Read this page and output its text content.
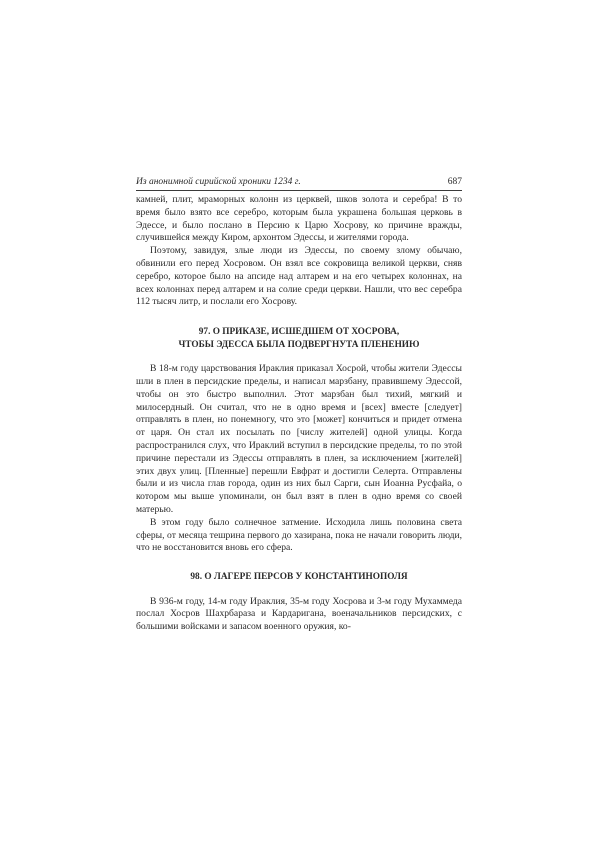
Из анонимной сирийской хроники 1234 г.	687

камней, плит, мраморных колонн из церквей, шков золота и серебра! В то время было взято все серебро, которым была украшена большая церковь в Эдессе, и было послано в Персию к Царю Хосрову, ко причине вражды, случившейся между Киром, архонтом Эдессы, и жителями города.

Поэтому, завидуя, злые люди из Эдессы, по своему злому обычаю, обвинили его перед Хосровом. Он взял все сокровища великой церкви, сняв серебро, которое было на апсиде над алтарем и на его четырех колоннах, на всех колоннах перед алтарем и на солие среди церкви. Нашли, что вес серебра 112 тысяч литр, и послали его Хосрову.

97. О ПРИКАЗЕ, ИСШЕДШЕМ ОТ ХОСРОВА,
ЧТОБЫ ЭДЕССА БЫЛА ПОДВЕРГНУТА ПЛЕНЕНИЮ

В 18-м году царствования Ираклия приказал Хосрой, чтобы жители Эдессы шли в плен в персидские пределы, и написал марзбану, правившему Эдессой, чтобы он это быстро выполнил. Этот марзбан был тихий, мягкий и милосердный. Он считал, что не в одно время и [всех] вместе [следует] отправлять в плен, но понемногу, что это [может] кончиться и придет отмена от царя. Он стал их посылать по [числу жителей] одной улицы. Когда распространился слух, что Ираклий вступил в персидские пределы, то по этой причине перестали из Эдессы отправлять в плен, за исключением [жителей] этих двух улиц. [Пленные] перешли Евфрат и достигли Селерта. Отправлены были и из числа глав города, один из них был Сарги, сын Иоанна Русфайа, о котором мы выше упоминали, он был взят в плен в одно время со своей матерью.

В этом году было солнечное затмение. Исходила лишь половина света сферы, от месяца тешрина первого до хазирана, пока не начали говорить люди, что не восстановится вновь его сфера.

98. О ЛАГЕРЕ ПЕРСОВ У КОНСТАНТИНОПОЛЯ

В 936-м году, 14-м году Ираклия, 35-м году Хосрова и 3-м году Мухаммеда послал Хосров Шахрбараза и Кардаригана, военачальников персидских, с большими войсками и запасом военного оружия, ко-
